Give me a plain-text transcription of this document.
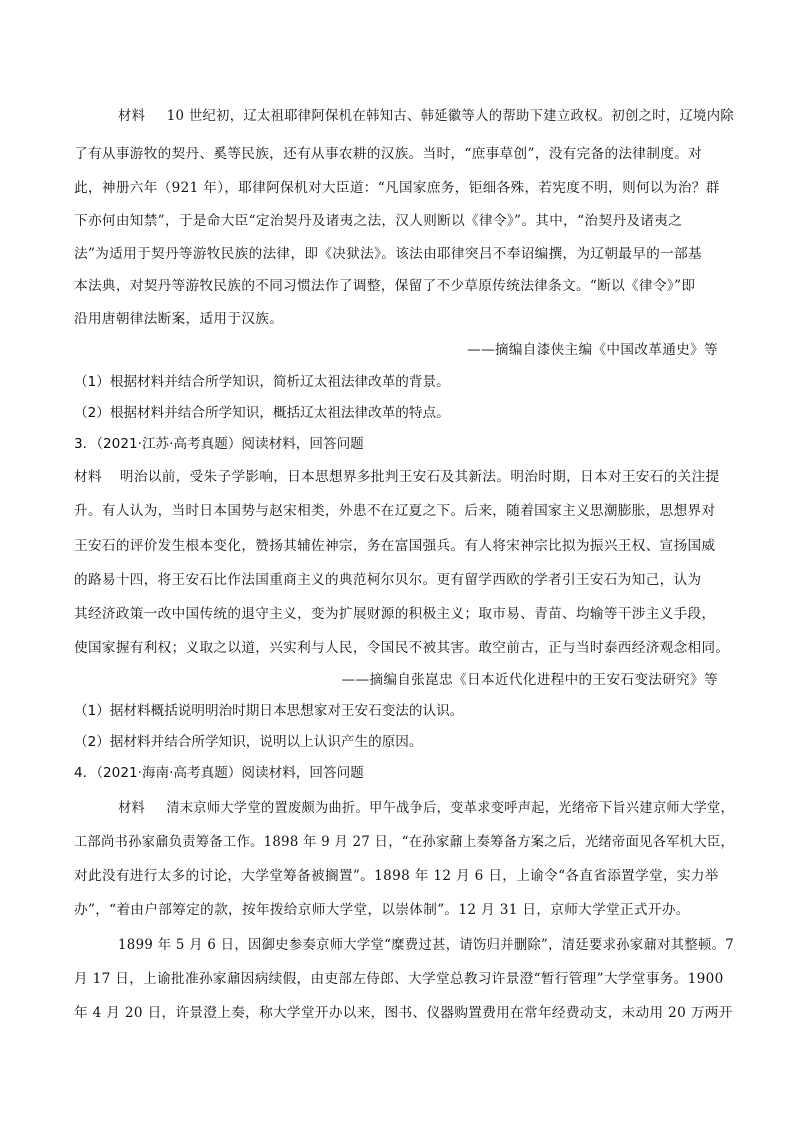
材料 10 世纪初，辽太祖耶律阿保机在韩知古、韩延徽等人的帮助下建立政权。初创之时，辽境内除
了有从事游牧的契丹、奚等民族，还有从事农耕的汉族。当时，“庶事草创”，没有完备的法律制度。对
此，神册六年（921 年），耶律阿保机对大臣道：“凡国家庶务，钜细各殊，若宪度不明，则何以为治？群
下亦何由知禁”，于是命大臣“定治契丹及诸夷之法，汉人则断以《律令》”。其中，“治契丹及诸夷之
法”为适用于契丹等游牧民族的法律，即《决狱法》。该法由耶律突吕不奉诏编撰，为辽朝最早的一部基
本法典，对契丹等游牧民族的不同习惯法作了调整，保留了不少草原传统法律条文。“断以《律令》”即
沿用唐朝律法断案，适用于汉族。
——摘编自漆侠主编《中国改革通史》等
（1）根据材料并结合所学知识，简析辽太祖法律改革的背景。
（2）根据材料并结合所学知识，概括辽太祖法律改革的特点。
3．（2021·江苏·高考真题）阅读材料，回答问题
材料 明治以前，受朱子学影响，日本思想界多批判王安石及其新法。明治时期，日本对王安石的关注提
升。有人认为，当时日本国势与赵宋相类，外患不在辽夏之下。后来，随着国家主义思潮膨胀，思想界对
王安石的评价发生根本变化，赞扬其辅佐神宗，务在富国强兵。有人将宋神宗比拟为振兴王权、宣扬国威
的路易十四，将王安石比作法国重商主义的典范柯尔贝尔。更有留学西欧的学者引王安石为知己，认为
其经济政策一改中国传统的退守主义，变为扩展财源的积极主义；取市易、青苗、均输等干涉主义手段，
使国家握有利权；义取之以道，兴实利与人民，令国民不被其害。敢空前古，正与当时泰西经济观念相同。
——摘编自张崑忠《日本近代化进程中的王安石变法研究》等
（1）据材料概括说明明治时期日本思想家对王安石变法的认识。
（2）据材料并结合所学知识，说明以上认识产生的原因。
4．（2021·海南·高考真题）阅读材料，回答问题
材料 清末京师大学堂的置废颇为曲折。甲午战争后，变革求变呼声起，光绪帝下旨兴建京师大学堂，
工部尚书孙家鼐负责筹备工作。1898 年 9 月 27 日，“在孙家鼐上奏筹备方案之后，光绪帝面见各军机大臣，
对此没有进行太多的讨论，大学堂筹备被搁置”。1898 年 12 月 6 日，上谕令“各直省添置学堂，实力举
办”，“着由户部筹定的款，按年拨给京师大学堂，以崇体制”。12 月 31 日，京师大学堂正式开办。
1899 年 5 月 6 日，因御史参奏京师大学堂“糜费过甚，请饬归并删除”，清廷要求孙家鼐对其整顿。7
月 17 日，上谕批准孙家鼐因病续假，由吏部左侍郎、大学堂总教习许景澄“暂行管理”大学堂事务。1900
年 4 月 20 日，许景澄上奏，称大学堂开办以来，图书、仪器购置费用在常年经费动支，未动用 20 万两开
